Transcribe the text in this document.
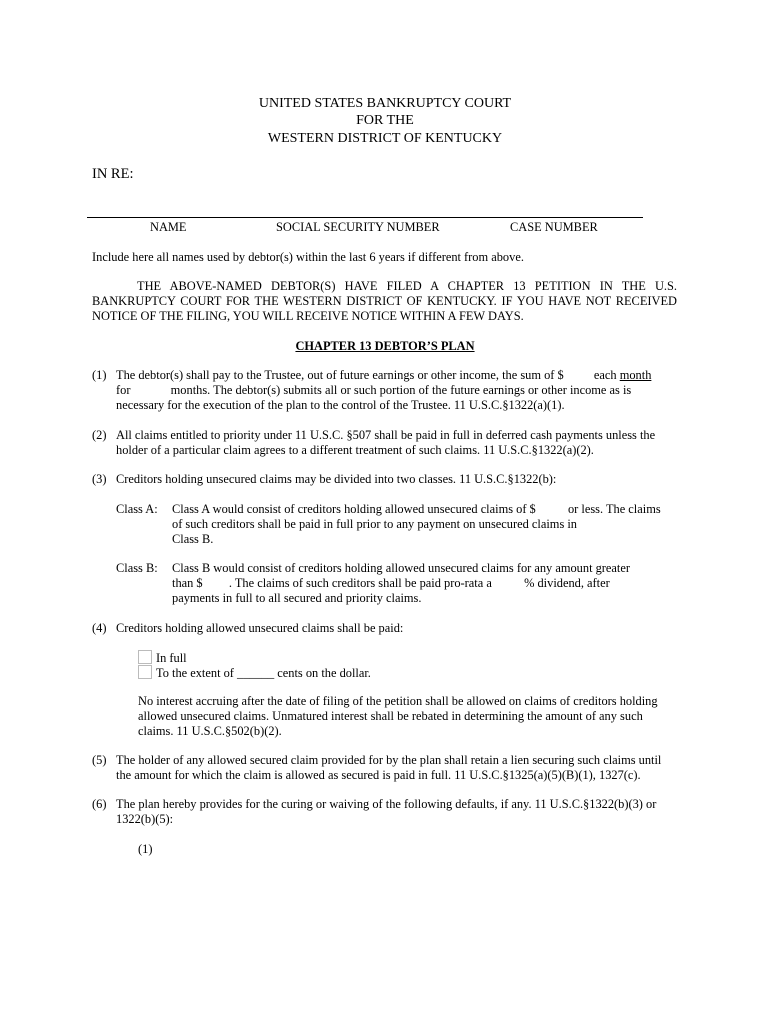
UNITED STATES BANKRUPTCY COURT
FOR THE
WESTERN DISTRICT OF KENTUCKY
IN RE:
NAME	SOCIAL SECURITY NUMBER	CASE NUMBER
Include here all names used by debtor(s) within the last 6 years if different from above.
THE ABOVE-NAMED DEBTOR(S) HAVE FILED A CHAPTER 13 PETITION IN THE U.S. BANKRUPTCY COURT FOR THE WESTERN DISTRICT OF KENTUCKY. IF YOU HAVE NOT RECEIVED NOTICE OF THE FILING, YOU WILL RECEIVE NOTICE WITHIN A FEW DAYS.
CHAPTER 13 DEBTOR’S PLAN
(1) The debtor(s) shall pay to the Trustee, out of future earnings or other income, the sum of $ each month
for	months. The debtor(s) submits all or such portion of the future earnings or other income as is
necessary for the execution of the plan to the control of the Trustee. 11 U.S.C.§1322(a)(1).
(2) All claims entitled to priority under 11 U.S.C. §507 shall be paid in full in deferred cash payments unless the holder of a particular claim agrees to a different treatment of such claims. 11 U.S.C.§1322(a)(2).
(3) Creditors holding unsecured claims may be divided into two classes. 11 U.S.C.§1322(b):
Class A: Class A would consist of creditors holding allowed unsecured claims of $	or less. The claims
of such creditors shall be paid in full prior to any payment on unsecured claims in
Class B.
Class B: Class B would consist of creditors holding allowed unsecured claims for any amount greater
than $ . The claims of such creditors shall be paid pro-rata a	% dividend, after
payments in full to all secured and priority claims.
(4) Creditors holding allowed unsecured claims shall be paid:
In full
To the extent of ______ cents on the dollar.
No interest accruing after the date of filing of the petition shall be allowed on claims of creditors holding allowed unsecured claims. Unmatured interest shall be rebated in determining the amount of any such claims. 11 U.S.C.§502(b)(2).
(5) The holder of any allowed secured claim provided for by the plan shall retain a lien securing such claims until the amount for which the claim is allowed as secured is paid in full. 11 U.S.C.§1325(a)(5)(B)(1), 1327(c).
(6) The plan hereby provides for the curing or waiving of the following defaults, if any. 11 U.S.C.§1322(b)(3) or 1322(b)(5):
(1)
